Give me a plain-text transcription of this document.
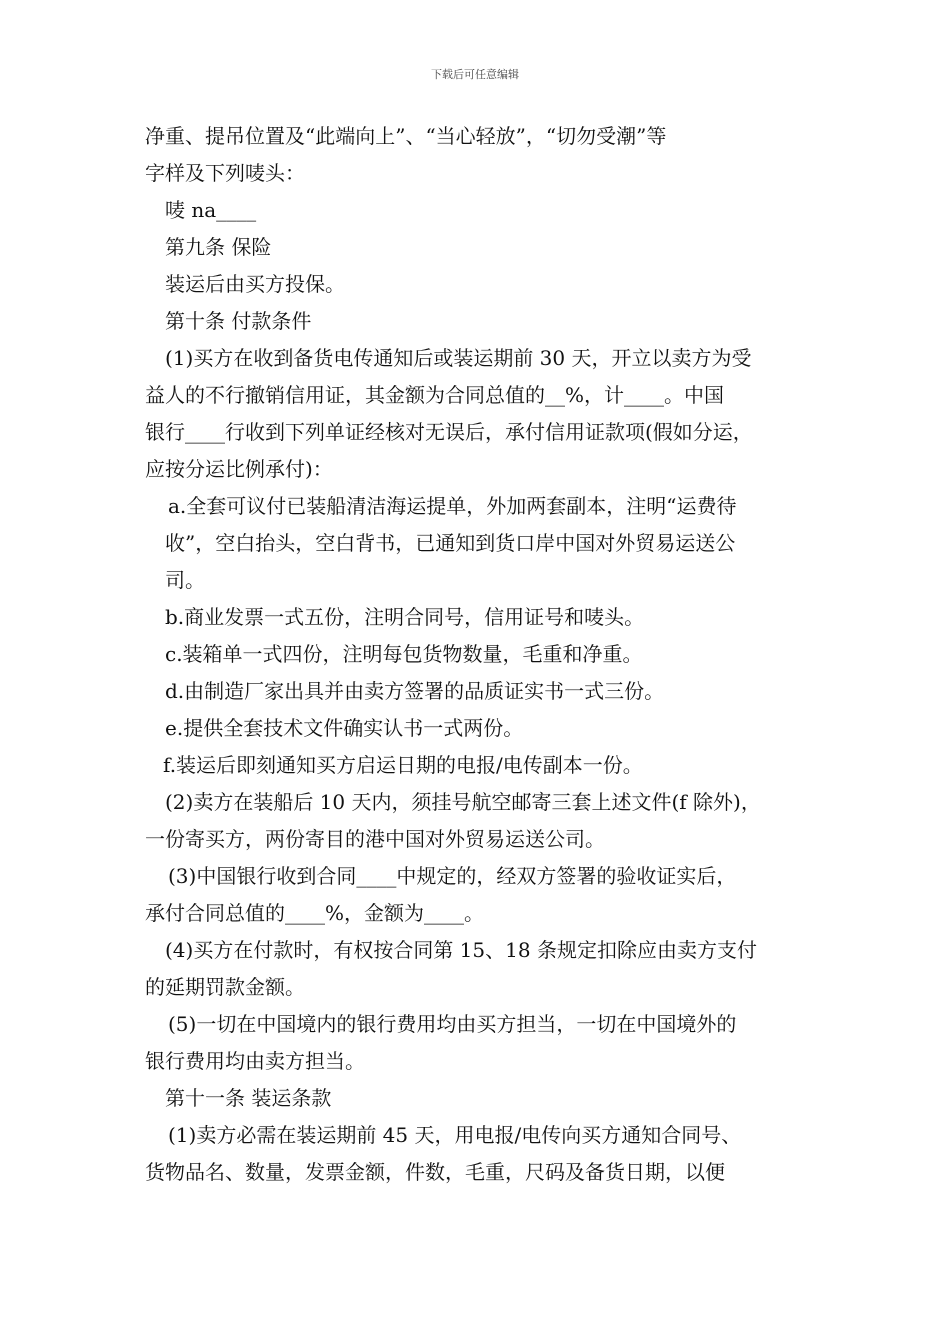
下载后可任意编辑
净重、提吊位置及“此端向上”、“当心轻放”，“切勿受潮”等
字样及下列唛头：
唛 na____
第九条 保险
装运后由买方投保。
第十条 付款条件
(1)买方在收到备货电传通知后或装运期前 30 天，开立以卖方为受
益人的不行撤销信用证，其金额为合同总值的__%，计____。中国
银行____行收到下列单证经核对无误后，承付信用证款项(假如分运，
应按分运比例承付)：
a.全套可议付已装船清洁海运提单，外加两套副本，注明“运费待
收”，空白抬头，空白背书，已通知到货口岸中国对外贸易运送公
司。
b.商业发票一式五份，注明合同号，信用证号和唛头。
c.装箱单一式四份，注明每包货物数量，毛重和净重。
d.由制造厂家出具并由卖方签署的品质证实书一式三份。
e.提供全套技术文件确实认书一式两份。
f.装运后即刻通知买方启运日期的电报/电传副本一份。
(2)卖方在装船后 10 天内，须挂号航空邮寄三套上述文件(f 除外)，
一份寄买方，两份寄目的港中国对外贸易运送公司。
(3)中国银行收到合同____中规定的，经双方签署的验收证实后，
承付合同总值的____%，金额为____。
(4)买方在付款时，有权按合同第 15、18 条规定扣除应由卖方支付
的延期罚款金额。
(5)一切在中国境内的银行费用均由买方担当，一切在中国境外的
银行费用均由卖方担当。
第十一条 装运条款
(1)卖方必需在装运期前 45 天，用电报/电传向买方通知合同号、
货物品名、数量，发票金额，件数，毛重，尺码及备货日期，以便
